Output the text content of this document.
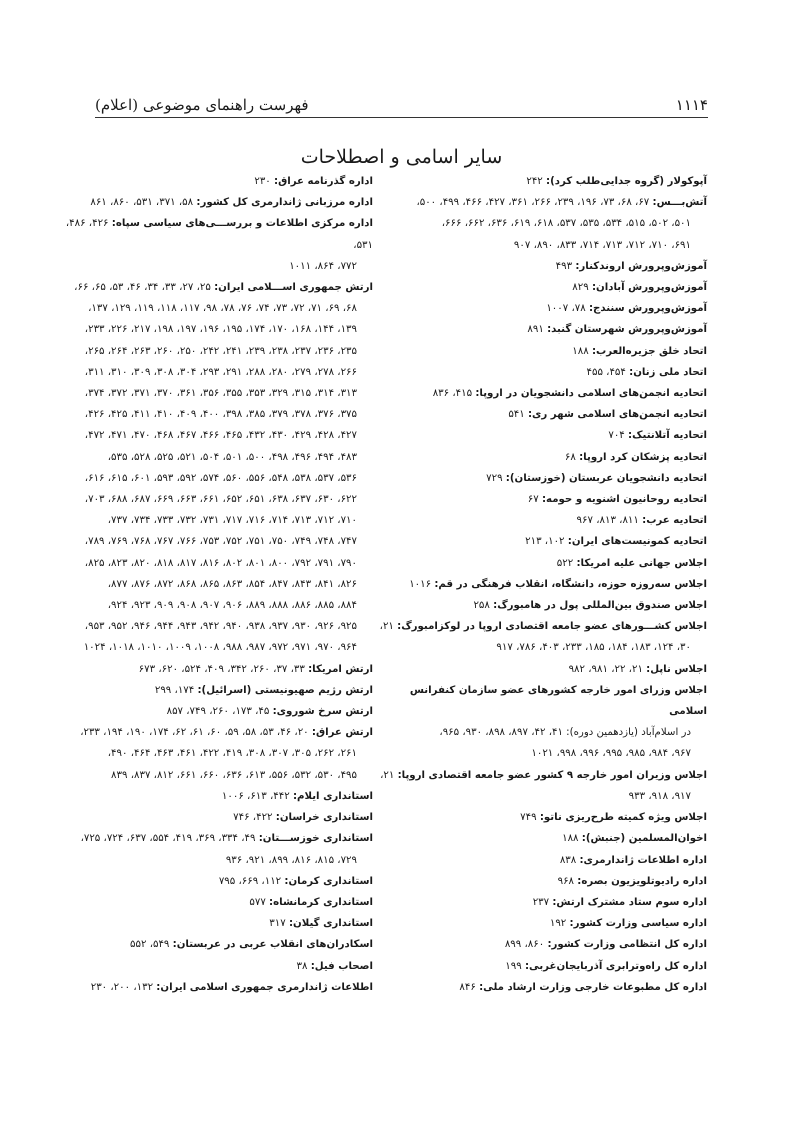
۱۱۱۴
فهرست راهنمای موضوعی (اعلام)
سایر اسامی و اصطلاحات
آپوکولار (گروه جدایی‌طلب کرد): ۲۴۲
آتش‌بـــس: ۶۷، ۶۸، ۷۳، ۱۹۶، ۲۳۹، ۲۶۶، ۳۶۱، ۴۲۷، ۴۶۶، ۴۹۹، ۵۰۰،
۵۰۱، ۵۰۲، ۵۱۵، ۵۳۴، ۵۳۵، ۵۳۷، ۶۱۸، ۶۱۹، ۶۳۶، ۶۶۲، ۶۶۶،
۶۹۱، ۷۱۰، ۷۱۲، ۷۱۳، ۷۱۴، ۸۳۳، ۸۹۰، ۹۰۷
آموزش‌وپرورش اروندکنار: ۴۹۳
آموزش‌وپرورش آبادان: ۸۲۹
آموزش‌وپرورش سنندج: ۷۸، ۱۰۰۷
آموزش‌وپرورش شهرستان گنبد: ۸۹۱
اتحاد خلق جزیره‌العرب: ۱۸۸
اتحاد ملی زنان: ۴۵۴، ۴۵۵
اتحادیه انجمن‌های اسلامی دانشجویان در اروپا: ۴۱۵، ۸۳۶
اتحادیه انجمن‌های اسلامی شهر ری: ۵۴۱
اتحادیه آتلانتیک: ۷۰۴
اتحادیه پزشکان کرد اروپا: ۶۸
اتحادیه دانشجویان عربستان (خوزستان): ۷۲۹
اتحادیه روحانیون اشنویه و حومه: ۶۷
اتحادیه عرب: ۸۱۱، ۸۱۳، ۹۶۷
اتحادیه کمونیست‌های ایران: ۱۰۲، ۲۱۳
اجلاس جهانی علیه امریکا: ۵۲۲
اجلاس سه‌روزه حوزه، دانشگاه، انقلاب فرهنگی در قم: ۱۰۱۶
اجلاس صندوق بین‌المللی پول در هامبورگ: ۲۵۸
اجلاس کشـــورهای عضو جامعه اقتصادی اروپا در لوکزامبورگ: ۲۱،
۳۰، ۱۲۴، ۱۸۳، ۱۸۴، ۱۸۵، ۲۳۳، ۴۰۳، ۷۸۶، ۹۱۷
اجلاس ناپل: ۲۱، ۲۲، ۹۸۱، ۹۸۲
اجلاس وزرای امور خارجه کشورهای عضو سازمان کنفرانس اسلامی
در اسلام‌آباد (یازدهمین دوره): ۴۱، ۴۲، ۸۹۷، ۸۹۸، ۹۳۰، ۹۶۵،
۹۶۷، ۹۸۴، ۹۸۵، ۹۹۵، ۹۹۶، ۹۹۸، ۱۰۲۱
اجلاس وزیران امور خارجه ۹ کشور عضو جامعه اقتصادی اروپا: ۲۱،
۹۱۷، ۹۱۸، ۹۳۳
اجلاس ویژه کمیته طرح‌ریزی ناتو: ۷۴۹
اخوان‌المسلمین (جنبش): ۱۸۸
اداره اطلاعات ژاندارمری: ۸۳۸
اداره رادیوتلویزیون بصره: ۹۶۸
اداره سوم ستاد مشترک ارتش: ۲۳۷
اداره سیاسی وزارت کشور: ۱۹۲
اداره کل انتظامی وزارت کشور: ۸۶۰، ۸۹۹
اداره کل راه‌وترابری آذربایجان‌غربی: ۱۹۹
اداره کل مطبوعات خارجی وزارت ارشاد ملی: ۸۴۶
اداره گذرنامه عراق: ۲۳۰
اداره مرزبانی ژاندارمری کل کشور: ۵۸، ۳۷۱، ۵۳۱، ۸۶۰، ۸۶۱
اداره مرکزی اطلاعات و بررســـی‌های سیاسی سپاه: ۴۲۶، ۴۸۶، ۵۳۱،
۷۷۲، ۸۶۴، ۱۰۱۱
ارتش جمهوری اســـلامی ایران: ۲۵، ۲۷، ۳۳، ۳۴، ۴۶، ۵۳، ۶۵، ۶۶،
۶۸، ۶۹، ۷۱، ۷۲، ۷۳، ۷۴، ۷۶، ۷۸، ۹۸، ۱۱۷، ۱۱۸، ۱۱۹، ۱۲۹، ۱۳۷،
۱۳۹، ۱۴۴، ۱۶۸، ۱۷۰، ۱۷۴، ۱۹۵، ۱۹۶، ۱۹۷، ۱۹۸، ۲۱۷، ۲۲۶، ۲۳۳،
۲۳۵، ۲۳۶، ۲۳۷، ۲۳۸، ۲۳۹، ۲۴۱، ۲۴۲، ۲۵۰، ۲۶۰، ۲۶۳، ۲۶۴، ۲۶۵،
۲۶۶، ۲۷۸، ۲۷۹، ۲۸۰، ۲۸۸، ۲۹۱، ۲۹۳، ۳۰۴، ۳۰۸، ۳۰۹، ۳۱۰، ۳۱۱،
۳۱۳، ۳۱۴، ۳۱۵، ۳۲۹، ۳۵۳، ۳۵۵، ۳۵۶، ۳۶۱، ۳۷۰، ۳۷۱، ۳۷۲، ۳۷۴،
۳۷۵، ۳۷۶، ۳۷۸، ۳۷۹، ۳۸۵، ۳۹۸، ۴۰۰، ۴۰۹، ۴۱۰، ۴۱۱، ۴۲۵، ۴۲۶،
۴۲۷، ۴۲۸، ۴۲۹، ۴۳۰، ۴۳۲، ۴۶۵، ۴۶۶، ۴۶۷، ۴۶۸، ۴۷۰، ۴۷۱، ۴۷۲،
۴۸۳، ۴۹۴، ۴۹۶، ۴۹۸، ۵۰۰، ۵۰۱، ۵۰۴، ۵۲۱، ۵۲۵، ۵۲۸، ۵۳۵،
۵۳۶، ۵۳۷، ۵۳۸، ۵۴۸، ۵۵۶، ۵۶۰، ۵۷۴، ۵۹۲، ۵۹۳، ۶۰۱، ۶۱۵، ۶۱۶،
۶۲۲، ۶۳۰، ۶۳۷، ۶۳۸، ۶۵۱، ۶۵۲، ۶۶۱، ۶۶۳، ۶۶۹، ۶۸۷، ۶۸۸، ۷۰۳،
۷۱۰، ۷۱۲، ۷۱۳، ۷۱۴، ۷۱۶، ۷۱۷، ۷۳۱، ۷۳۲، ۷۳۳، ۷۳۴، ۷۳۷،
۷۴۷، ۷۴۸، ۷۴۹، ۷۵۰، ۷۵۱، ۷۵۲، ۷۵۳، ۷۶۶، ۷۶۷، ۷۶۸، ۷۶۹، ۷۸۹،
۷۹۰، ۷۹۱، ۷۹۲، ۸۰۰، ۸۰۱، ۸۰۲، ۸۱۶، ۸۱۷، ۸۱۸، ۸۲۰، ۸۲۳، ۸۲۵،
۸۲۶، ۸۴۱، ۸۴۳، ۸۴۷، ۸۵۴، ۸۶۳، ۸۶۵، ۸۶۸، ۸۷۲، ۸۷۶، ۸۷۷،
۸۸۴، ۸۸۵، ۸۸۶، ۸۸۸، ۸۸۹، ۹۰۶، ۹۰۷، ۹۰۸، ۹۰۹، ۹۲۳، ۹۲۴،
۹۲۵، ۹۲۶، ۹۳۰، ۹۳۷، ۹۳۸، ۹۴۰، ۹۴۲، ۹۴۳، ۹۴۴، ۹۴۶، ۹۵۲، ۹۵۳،
۹۶۴، ۹۷۰، ۹۷۱، ۹۷۲، ۹۸۷، ۹۸۸، ۱۰۰۸، ۱۰۰۹، ۱۰۱۰، ۱۰۱۸، ۱۰۲۴
ارتش امریکا: ۳۳، ۳۷، ۲۶۰، ۳۴۲، ۴۰۹، ۵۲۴، ۶۲۰، ۶۷۳
ارتش رژیم صهیونیستی (اسرائیل): ۱۷۴، ۲۹۹
ارتش سرخ شوروی: ۴۵، ۱۷۳، ۲۶۰، ۷۴۹، ۸۵۷
ارتش عراق: ۲۰، ۴۶، ۵۳، ۵۸، ۵۹، ۶۰، ۶۱، ۶۲، ۱۷۴، ۱۹۰، ۱۹۴، ۲۳۳،
۲۶۱، ۲۶۲، ۳۰۵، ۳۰۷، ۳۰۸، ۴۱۹، ۴۲۲، ۴۶۱، ۴۶۳، ۴۶۴، ۴۹۰،
۴۹۵، ۵۳۰، ۵۳۲، ۵۵۶، ۶۱۳، ۶۳۶، ۶۶۰، ۶۶۱، ۸۱۲، ۸۳۷، ۸۳۹
استانداری ایلام: ۴۴۲، ۶۱۳، ۱۰۰۶
استانداری خراسان: ۴۲۲، ۷۴۶
استانداری خوزســـتان: ۴۹، ۳۳۴، ۳۶۹، ۴۱۹، ۵۵۴، ۶۳۷، ۷۲۴، ۷۲۵،
۷۲۹، ۸۱۵، ۸۱۶، ۸۹۹، ۹۲۱، ۹۳۶
استانداری کرمان: ۱۱۲، ۶۶۹، ۷۹۵
استانداری کرمانشاه: ۵۷۷
استانداری گیلان: ۳۱۷
اسکادران‌های انقلاب عربی در عربستان: ۵۴۹، ۵۵۲
اصحاب فیل: ۳۸
اطلاعات ژاندارمری جمهوری اسلامی ایران: ۱۳۲، ۲۰۰، ۲۳۰
